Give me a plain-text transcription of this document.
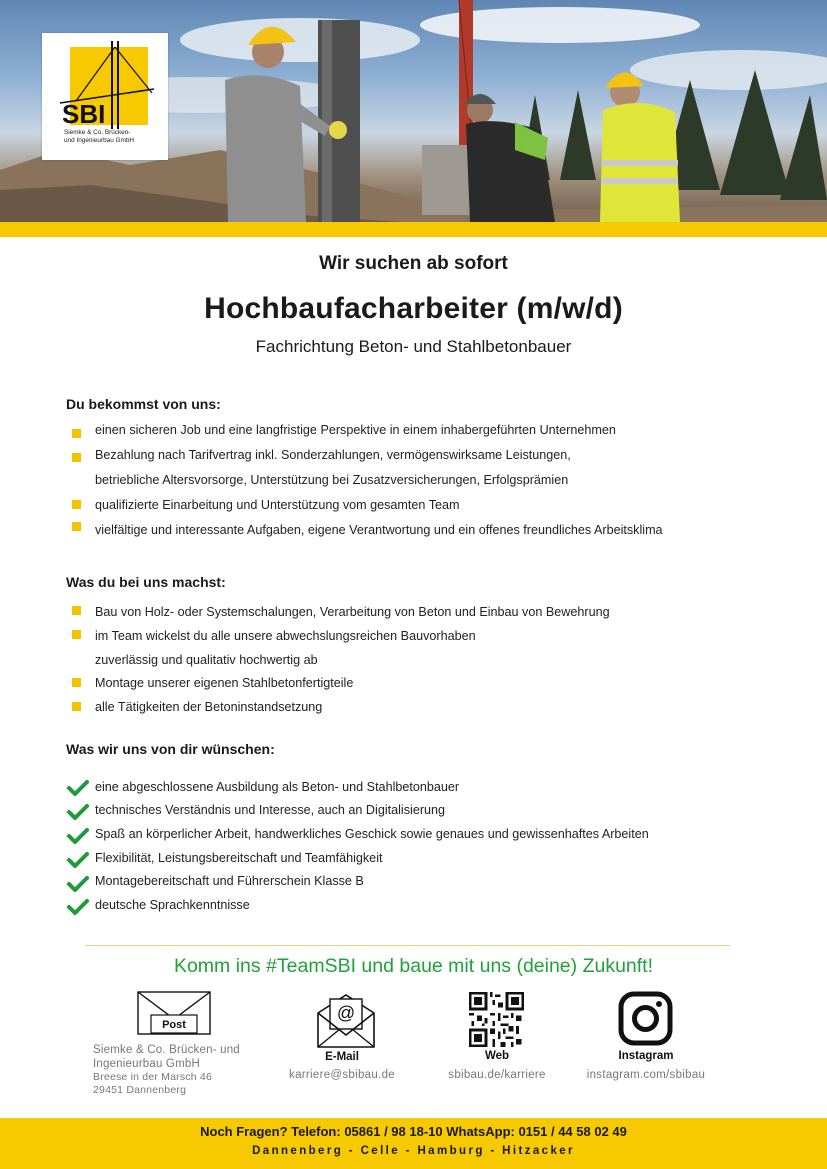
SBI
Siemke & Co. Brücken-
und Ingenieurbau GmbH
Wir suchen ab sofort
Hochbaufacharbeiter (m/w/d)
Fachrichtung Beton- und Stahlbetonbauer
Du bekommst von uns:
einen sicheren Job und eine langfristige Perspektive in einem inhabergeführten Unternehmen
Bezahlung nach Tarifvertrag inkl. Sonderzahlungen, vermögenswirksame Leistungen,
betriebliche Altersvorsorge, Unterstützung bei Zusatzversicherungen, Erfolgsprämien
qualifizierte Einarbeitung und Unterstützung vom gesamten Team
vielfältige und interessante Aufgaben, eigene Verantwortung und ein offenes freundliches Arbeitsklima
Was du bei uns machst:
Bau von Holz- oder Systemschalungen, Verarbeitung von Beton und Einbau von Bewehrung
im Team wickelst du alle unsere abwechslungsreichen Bauvorhaben
zuverlässig und qualitativ hochwertig ab
Montage unserer eigenen Stahlbetonfertigteile
alle Tätigkeiten der Betoninstandsetzung
Was wir uns von dir wünschen:
eine abgeschlossene Ausbildung als Beton- und Stahlbetonbauer
technisches Verständnis und Interesse, auch an Digitalisierung
Spaß an körperlicher Arbeit, handwerkliches Geschick sowie genaues und gewissenhaftes Arbeiten
Flexibilität, Leistungsbereitschaft und Teamfähigkeit
Montagebereitschaft und Führerschein Klasse B
deutsche Sprachkenntnisse
Komm ins #TeamSBI und baue mit uns (deine) Zukunft!
Post
Siemke & Co. Brücken- und
Ingenieurbau GmbH
Breese in der Marsch 46
29451 Dannenberg
@
E-Mail
karriere@sbibau.de
Web
sbibau.de/karriere
Instagram
instagram.com/sbibau
Noch Fragen? Telefon: 05861 / 98 18-10 WhatsApp: 0151 / 44 58 02 49
Dannenberg - Celle - Hamburg - Hitzacker
